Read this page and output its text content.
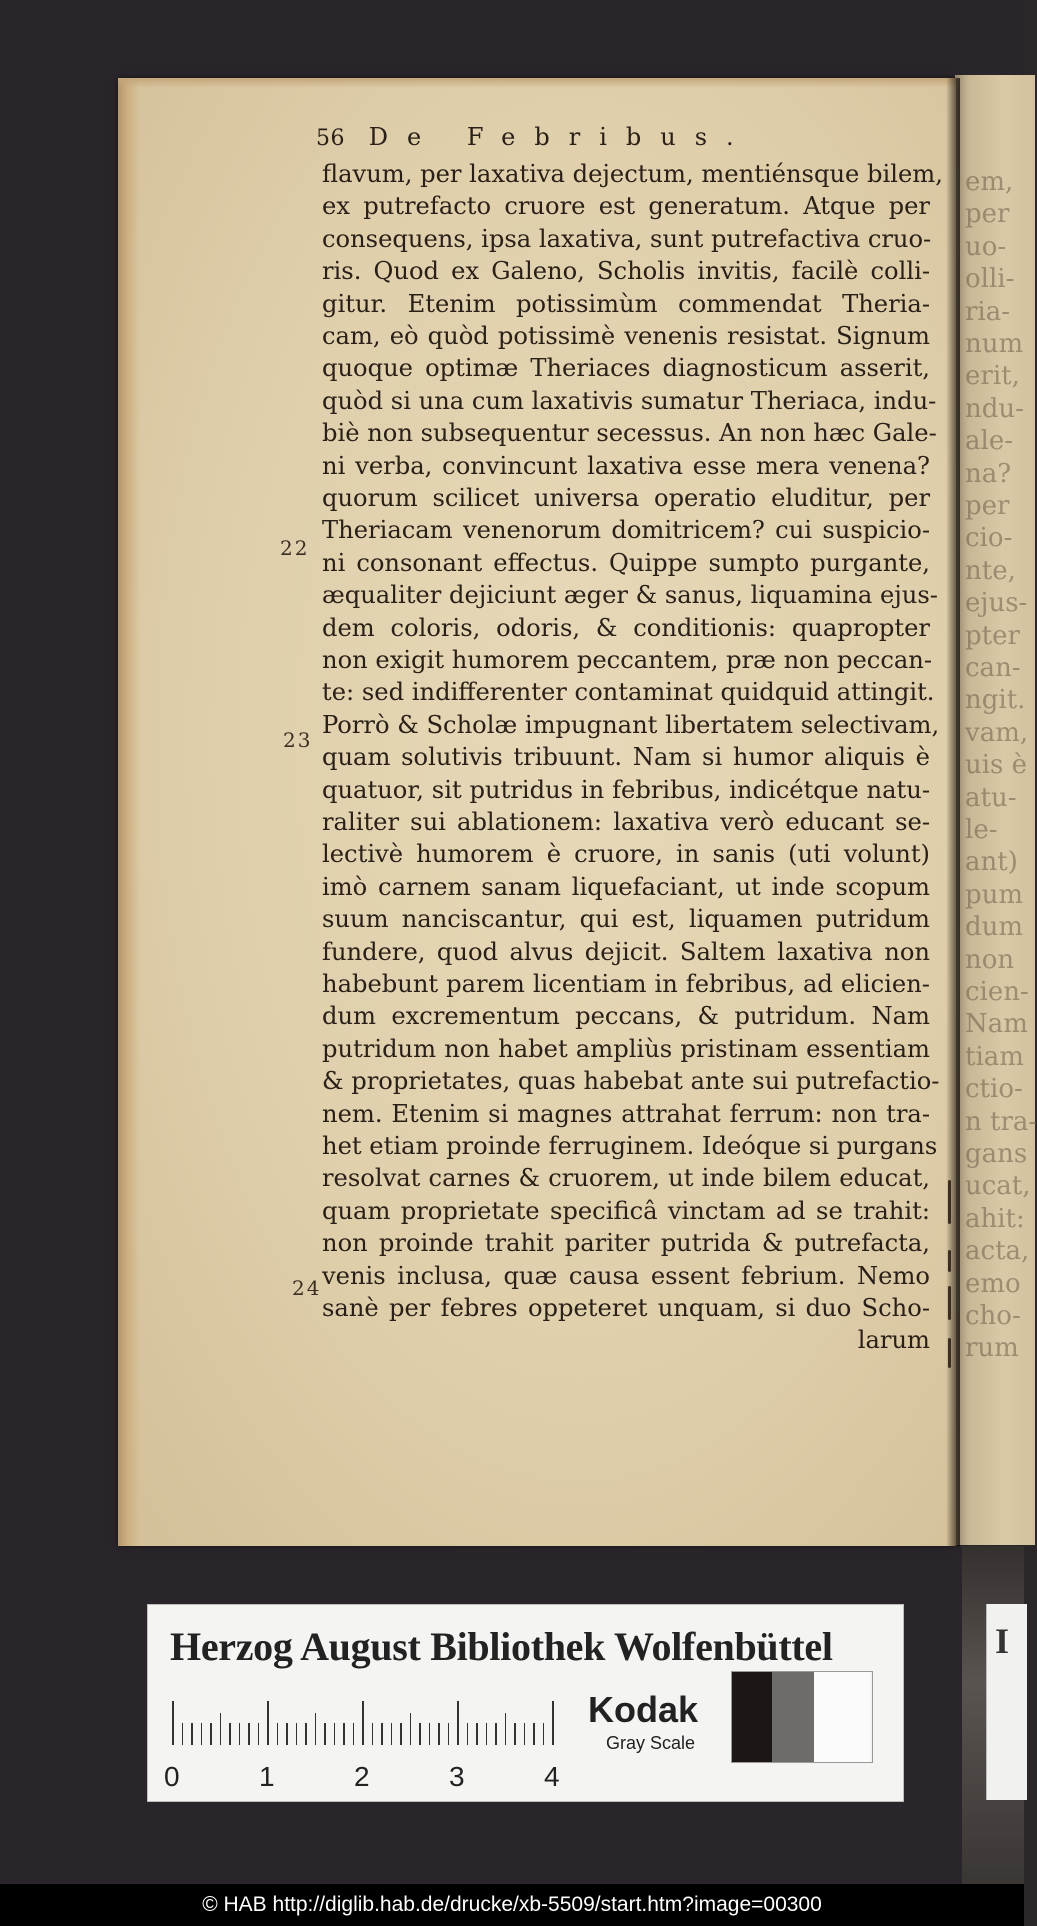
em,
per
uo-
olli-
ria-
num
erit,
ndu-
ale-
na?
per
cio-
nte,
ejus-
pter
can-
ngit.
vam,
uis è
atu-
le-
ant)
pum
dum
non
cien-
Nam
tiam
ctio-
n tra-
gans
ucat,
ahit:
acta,
emo
cho-
rum
56 De Febribus.
flavum, per laxativa dejectum, mentiénsque bilem,
ex putrefacto cruore est generatum. Atque per
consequens, ipsa laxativa, sunt putrefactiva cruo-
ris. Quod ex Galeno, Scholis invitis, facilè colli-
gitur. Etenim potissimùm commendat Theria-
cam, eò quòd potissimè venenis resistat. Signum
quoque optimæ Theriaces diagnosticum asserit,
quòd si una cum laxativis sumatur Theriaca, indu-
biè non subsequentur secessus. An non hæc Gale-
ni verba, convincunt laxativa esse mera venena?
quorum scilicet universa operatio eluditur, per
Theriacam venenorum domitricem? cui suspicio-
ni consonant effectus. Quippe sumpto purgante,
æqualiter dejiciunt æger & sanus, liquamina ejus-
dem coloris, odoris, & conditionis: quapropter
non exigit humorem peccantem, præ non peccan-
te: sed indifferenter contaminat quidquid attingit.
Porrò & Scholæ impugnant libertatem selectivam,
quam solutivis tribuunt. Nam si humor aliquis è
quatuor, sit putridus in febribus, indicétque natu-
raliter sui ablationem: laxativa verò educant se-
lectivè humorem è cruore, in sanis (uti volunt)
imò carnem sanam liquefaciant, ut inde scopum
suum nanciscantur, qui est, liquamen putridum
fundere, quod alvus dejicit. Saltem laxativa non
habebunt parem licentiam in febribus, ad elicien-
dum excrementum peccans, & putridum. Nam
putridum non habet ampliùs pristinam essentiam
& proprietates, quas habebat ante sui putrefactio-
nem. Etenim si magnes attrahat ferrum: non tra-
het etiam proinde ferruginem. Ideóque si purgans
resolvat carnes & cruorem, ut inde bilem educat,
quam proprietate specificâ vinctam ad se trahit:
non proinde trahit pariter putrida & putrefacta,
venis inclusa, quæ causa essent febrium. Nemo
sanè per febres oppeteret unquam, si duo Scho-
larum
22
23
24
Herzog August Bibliothek Wolfenbüttel
0	1	2	3	4
Kodak
Gray Scale
I
© HAB http://diglib.hab.de/drucke/xb-5509/start.htm?image=00300
